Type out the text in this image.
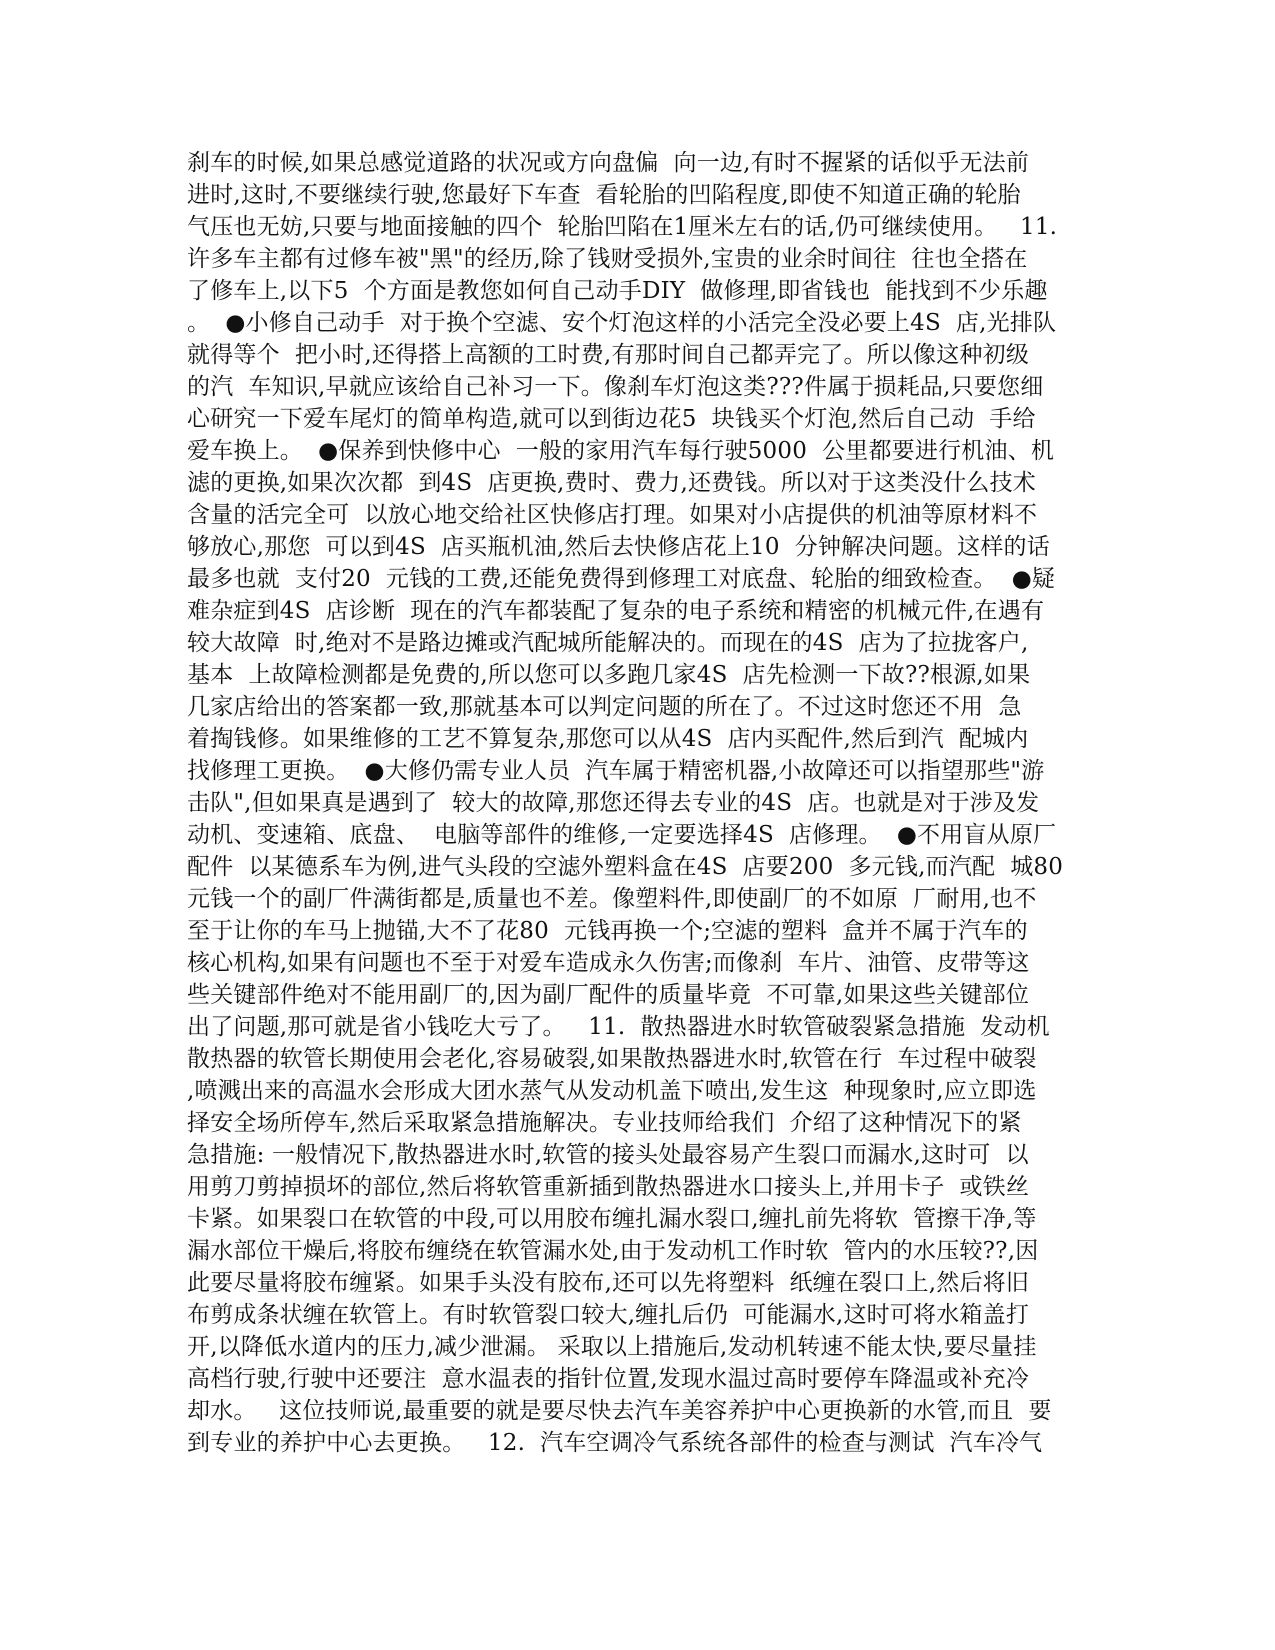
刹车的时候,如果总感觉道路的状况或方向盘偏  向一边,有时不握紧的话似乎无法前
进时,这时,不要继续行驶,您最好下车查  看轮胎的凹陷程度,即使不知道正确的轮胎
气压也无妨,只要与地面接触的四个  轮胎凹陷在1厘米左右的话,仍可继续使用。   11.
许多车主都有过修车被"黑"的经历,除了钱财受损外,宝贵的业余时间往  往也全搭在
了修车上,以下5  个方面是教您如何自己动手DIY  做修理,即省钱也  能找到不少乐趣
。  ●小修自己动手  对于换个空滤、安个灯泡这样的小活完全没必要上4S  店,光排队
就得等个  把小时,还得搭上高额的工时费,有那时间自己都弄完了。所以像这种初级
的汽  车知识,早就应该给自己补习一下。像刹车灯泡这类???件属于损耗品,只要您细
心研究一下爱车尾灯的简单构造,就可以到街边花5  块钱买个灯泡,然后自己动  手给
爱车换上。  ●保养到快修中心  一般的家用汽车每行驶5000  公里都要进行机油、机
滤的更换,如果次次都  到4S  店更换,费时、费力,还费钱。所以对于这类没什么技术
含量的活完全可  以放心地交给社区快修店打理。如果对小店提供的机油等原材料不
够放心,那您  可以到4S  店买瓶机油,然后去快修店花上10  分钟解决问题。这样的话
最多也就  支付20  元钱的工费,还能免费得到修理工对底盘、轮胎的细致检查。  ●疑
难杂症到4S  店诊断  现在的汽车都装配了复杂的电子系统和精密的机械元件,在遇有
较大故障  时,绝对不是路边摊或汽配城所能解决的。而现在的4S  店为了拉拢客户,
基本  上故障检测都是免费的,所以您可以多跑几家4S  店先检测一下故??根源,如果
几家店给出的答案都一致,那就基本可以判定问题的所在了。不过这时您还不用  急
着掏钱修。如果维修的工艺不算复杂,那您可以从4S  店内买配件,然后到汽  配城内
找修理工更换。  ●大修仍需专业人员  汽车属于精密机器,小故障还可以指望那些"游
击队",但如果真是遇到了  较大的故障,那您还得去专业的4S  店。也就是对于涉及发
动机、变速箱、底盘、  电脑等部件的维修,一定要选择4S  店修理。  ●不用盲从原厂
配件  以某德系车为例,进气头段的空滤外塑料盒在4S  店要200  多元钱,而汽配  城80
元钱一个的副厂件满街都是,质量也不差。像塑料件,即使副厂的不如原  厂耐用,也不
至于让你的车马上抛锚,大不了花80  元钱再换一个;空滤的塑料  盒并不属于汽车的
核心机构,如果有问题也不至于对爱车造成永久伤害;而像刹  车片、油管、皮带等这
些关键部件绝对不能用副厂的,因为副厂配件的质量毕竟  不可靠,如果这些关键部位
出了问题,那可就是省小钱吃大亏了。   11.  散热器进水时软管破裂紧急措施  发动机
散热器的软管长期使用会老化,容易破裂,如果散热器进水时,软管在行  车过程中破裂
,喷溅出来的高温水会形成大团水蒸气从发动机盖下喷出,发生这  种现象时,应立即选
择安全场所停车,然后采取紧急措施解决。专业技师给我们  介绍了这种情况下的紧
急措施: 一般情况下,散热器进水时,软管的接头处最容易产生裂口而漏水,这时可  以
用剪刀剪掉损坏的部位,然后将软管重新插到散热器进水口接头上,并用卡子  或铁丝
卡紧。如果裂口在软管的中段,可以用胶布缠扎漏水裂口,缠扎前先将软  管擦干净,等
漏水部位干燥后,将胶布缠绕在软管漏水处,由于发动机工作时软  管内的水压较??,因
此要尽量将胶布缠紧。如果手头没有胶布,还可以先将塑料  纸缠在裂口上,然后将旧
布剪成条状缠在软管上。有时软管裂口较大,缠扎后仍  可能漏水,这时可将水箱盖打
开,以降低水道内的压力,减少泄漏。 采取以上措施后,发动机转速不能太快,要尽量挂
高档行驶,行驶中还要注  意水温表的指针位置,发现水温过高时要停车降温或补充冷
却水。   这位技师说,最重要的就是要尽快去汽车美容养护中心更换新的水管,而且  要
到专业的养护中心去更换。   12.  汽车空调冷气系统各部件的检查与测试  汽车冷气
